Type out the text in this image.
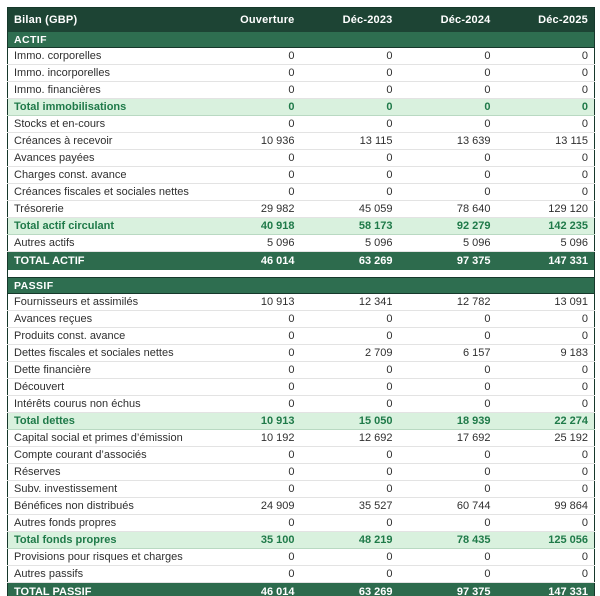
Bilan (GBP)	Ouverture	Déc-2023	Déc-2024	Déc-2025
ACTIF				
Immo. corporelles	0	0	0	0
Immo. incorporelles	0	0	0	0
Immo. financières	0	0	0	0
Total immobilisations	0	0	0	0
Stocks et en-cours	0	0	0	0
Créances à recevoir	10 936	13 115	13 639	13 115
Avances payées	0	0	0	0
Charges const. avance	0	0	0	0
Créances fiscales et sociales nettes	0	0	0	0
Trésorerie	29 982	45 059	78 640	129 120
Total actif circulant	40 918	58 173	92 279	142 235
Autres actifs	5 096	5 096	5 096	5 096
TOTAL ACTIF	46 014	63 269	97 375	147 331

PASSIF				
Fournisseurs et assimilés	10 913	12 341	12 782	13 091
Avances reçues	0	0	0	0
Produits const. avance	0	0	0	0
Dettes fiscales et sociales nettes	0	2 709	6 157	9 183
Dette financière	0	0	0	0
Découvert	0	0	0	0
Intérêts courus non échus	0	0	0	0
Total dettes	10 913	15 050	18 939	22 274
Capital social et primes d’émission	10 192	12 692	17 692	25 192
Compte courant d’associés	0	0	0	0
Réserves	0	0	0	0
Subv. investissement	0	0	0	0
Bénéfices non distribués	24 909	35 527	60 744	99 864
Autres fonds propres	0	0	0	0
Total fonds propres	35 100	48 219	78 435	125 056
Provisions pour risques et charges	0	0	0	0
Autres passifs	0	0	0	0
TOTAL PASSIF	46 014	63 269	97 375	147 331
